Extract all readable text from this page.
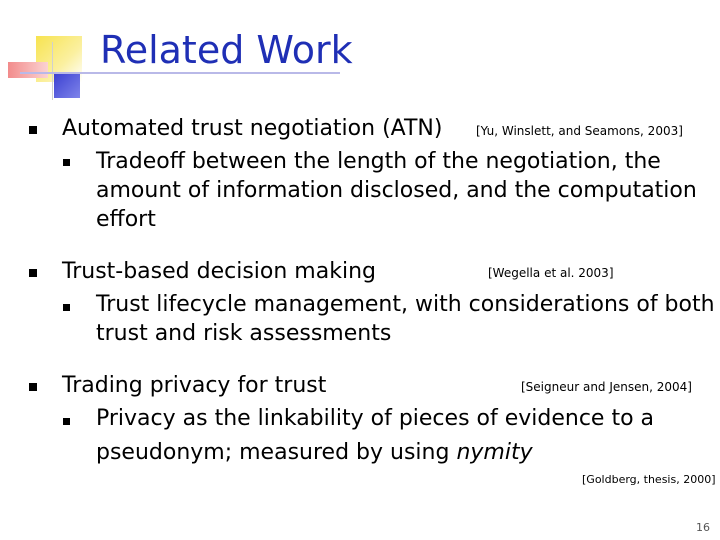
Related Work
Automated trust negotiation (ATN)	[Yu, Winslett, and Seamons, 2003]
Tradeoff between the length of the negotiation, the
amount of information disclosed, and the computation
effort
Trust-based decision making	[Wegella et al. 2003]
Trust lifecycle management, with considerations of both
trust and risk assessments
Trading privacy for trust	[Seigneur and Jensen, 2004]
Privacy as the linkability of pieces of evidence to a
pseudonym; measured by using nymity
[Goldberg, thesis, 2000]
16
